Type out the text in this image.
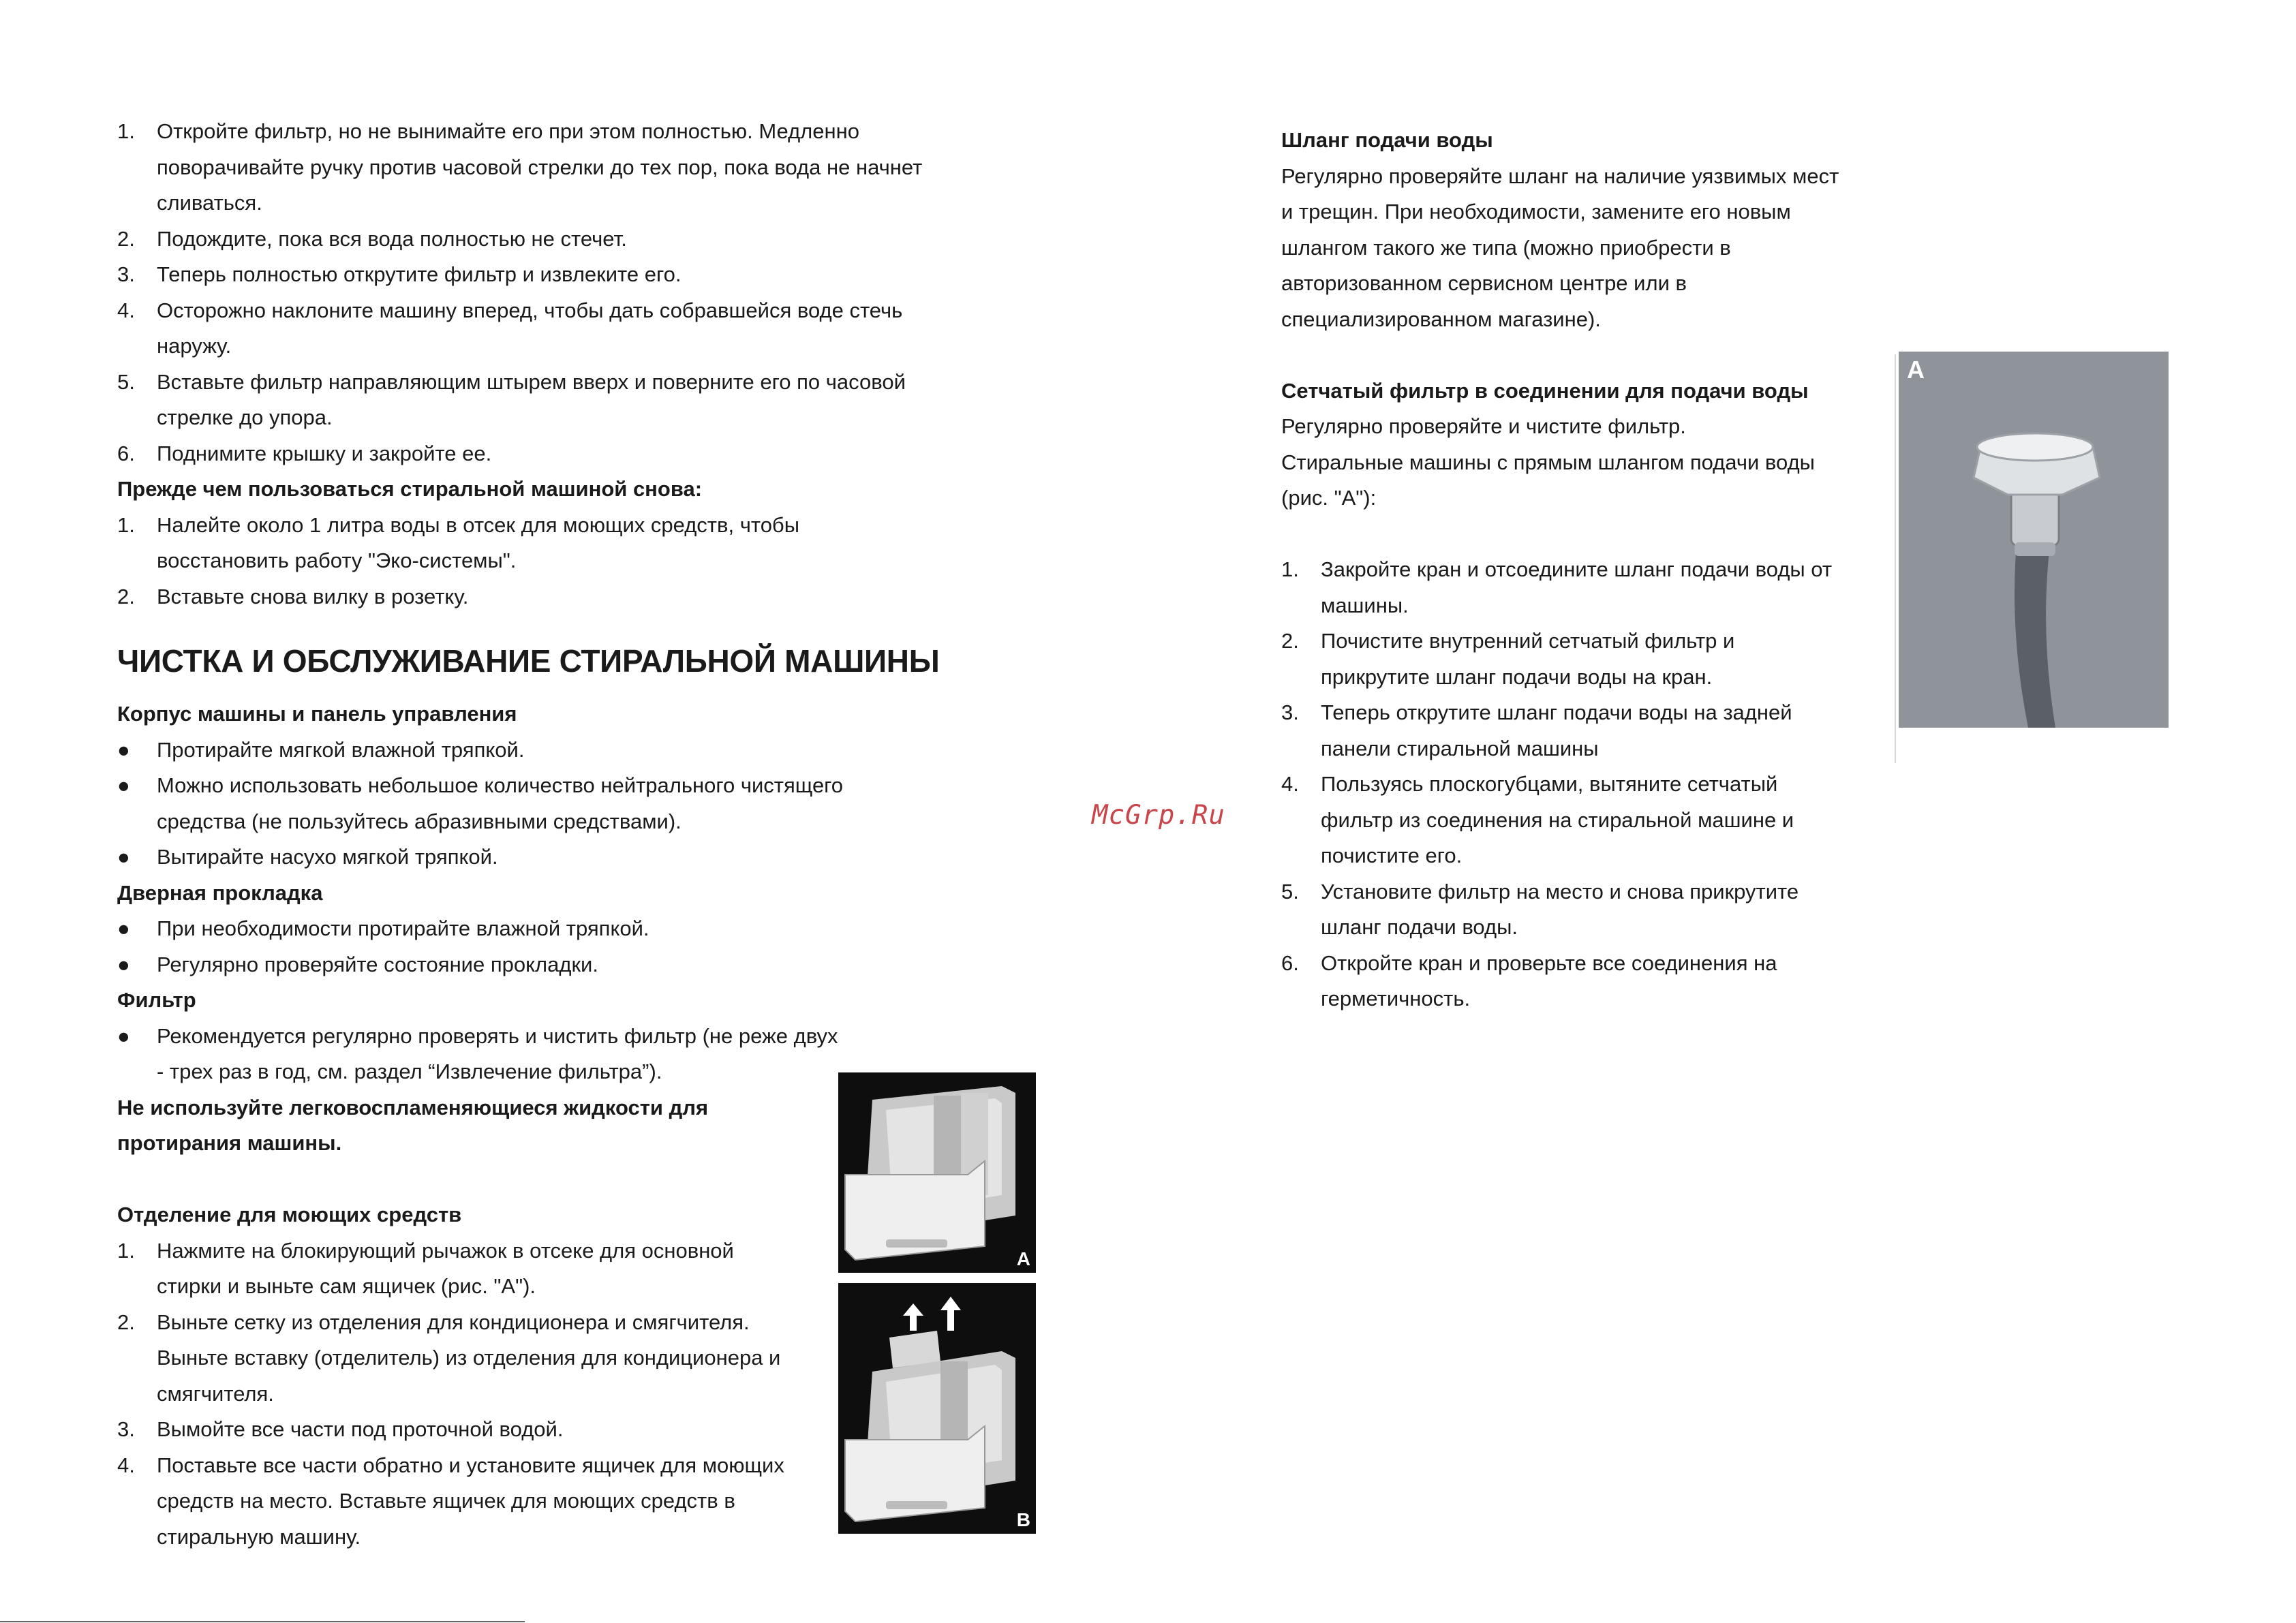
1.	Откройте фильтр, но не вынимайте его при этом полностью. Медленно поворачивайте ручку против часовой стрелки до тех пор, пока вода не начнет сливаться.
2.	Подождите, пока вся вода полностью не стечет.
3.	Теперь полностью открутите фильтр и извлеките его.
4.	Осторожно наклоните машину вперед, чтобы дать собравшейся воде стечь наружу.
5.	Вставьте фильтр направляющим штырем вверх и поверните его по часовой стрелке до упора.
6.	Поднимите крышку и закройте ее.
Прежде чем пользоваться стиральной машиной снова:
1.	Налейте около 1 литра воды в отсек для моющих средств, чтобы восстановить работу "Эко-системы".
2.	Вставьте снова вилку в розетку.
ЧИСТКА И ОБСЛУЖИВАНИЕ СТИРАЛЬНОЙ МАШИНЫ
Корпус машины и панель управления
●	Протирайте мягкой влажной тряпкой.
●	Можно использовать небольшое количество нейтрального чистящего средства (не пользуйтесь абразивными средствами).
●	Вытирайте насухо мягкой тряпкой.
Дверная прокладка
●	При необходимости протирайте влажной тряпкой.
●	Регулярно проверяйте состояние прокладки.
Фильтр
●	Рекомендуется регулярно проверять и чистить фильтр (не реже двух - трех раз в год, см. раздел “Извлечение фильтра”).
Не используйте легковоспламеняющиеся жидкости для протирания машины.
Отделение для моющих средств
1.	Нажмите на блокирующий рычажок в отсеке для основной стирки и выньте сам ящичек (рис. "А").
2.	Выньте сетку из отделения для кондиционера и смягчителя. Выньте вставку (отделитель) из отделения для кондиционера и смягчителя.
3.	Вымойте все части под проточной водой.
4.	Поставьте все части обратно и установите ящичек для моющих средств на место. Вставьте ящичек для моющих средств в стиральную машину.
A
B
McGrp.Ru
Шланг подачи воды
Регулярно проверяйте шланг на наличие уязвимых мест и трещин. При необходимости, замените его новым шлангом такого же типа (можно приобрести в авторизованном сервисном центре или в специализированном магазине).
Сетчатый фильтр в соединении для подачи воды
Регулярно проверяйте и чистите фильтр.
Стиральные машины с прямым шлангом подачи воды (рис. "А"):
1.	Закройте кран и отсоедините шланг подачи воды от машины.
2.	Почистите внутренний сетчатый фильтр и прикрутите шланг подачи воды на кран.
3.	Теперь открутите шланг подачи воды на задней панели стиральной машины
4.	Пользуясь плоскогубцами, вытяните сетчатый фильтр из соединения на стиральной машине и почистите его.
5.	Установите фильтр на место и снова прикрутите шланг подачи воды.
6.	Откройте кран и проверьте все соединения на герметичность.
A
